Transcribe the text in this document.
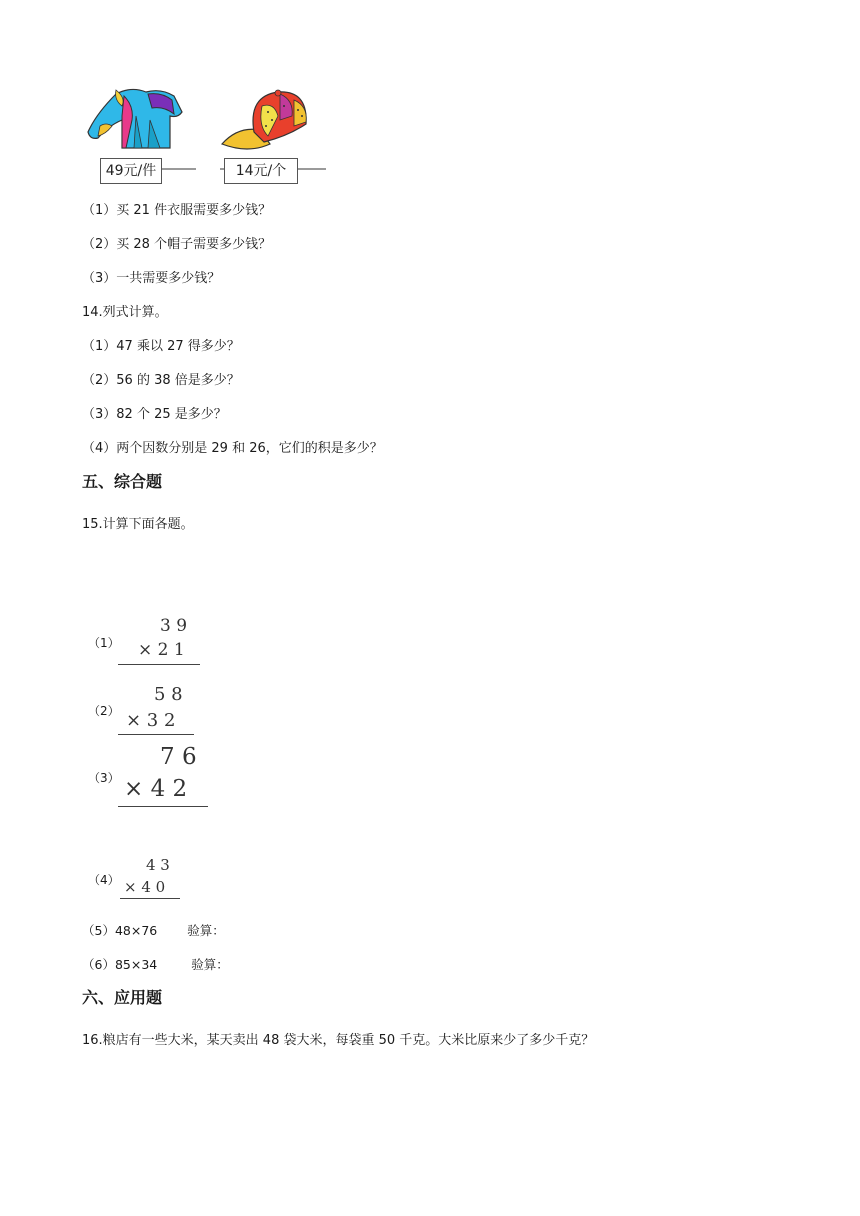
49元/件	14元/个
（1）买 21 件衣服需要多少钱？
（2）买 28 个帽子需要多少钱？
（3）一共需要多少钱？
14.列式计算。
（1）47 乘以 27 得多少？
（2）56 的 38 倍是多少？
（3）82 个 25 是多少？
（4）两个因数分别是 29 和 26，它们的积是多少？
五、综合题
15.计算下面各题。
（1）
3 9
× 2 1
（2）
5 8
× 3 2
（3）
7 6
× 4 2
（4）
4 3
× 4 0
（5）48×76 验算：
（6）85×34	验算：
六、应用题
16.粮店有一些大米，某天卖出 48 袋大米，每袋重 50 千克。大米比原来少了多少千克？
